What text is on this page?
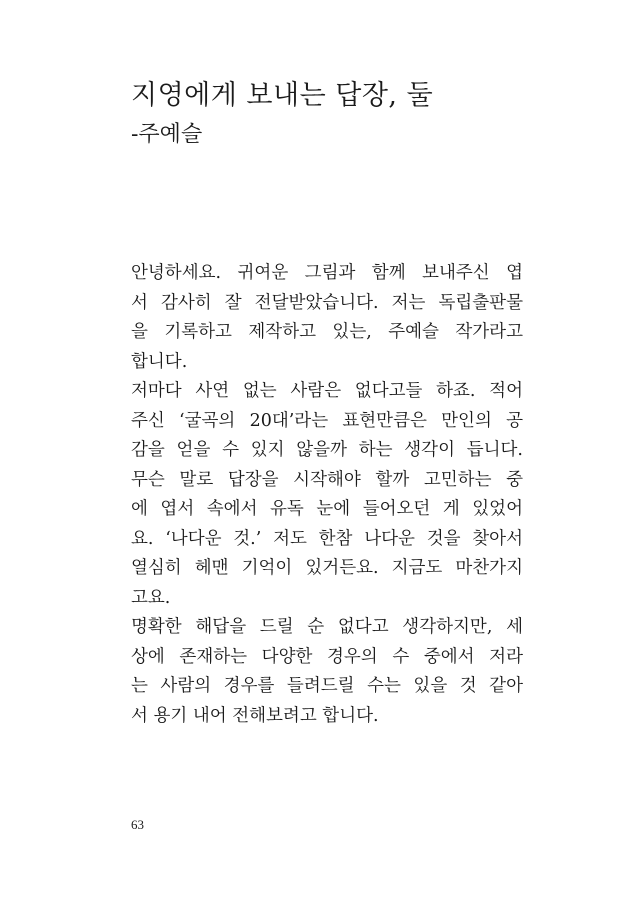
지영에게 보내는 답장, 둘
-주예슬
안녕하세요. 귀여운 그림과 함께 보내주신 엽
서 감사히 잘 전달받았습니다. 저는 독립출판물
을 기록하고 제작하고 있는, 주예슬 작가라고
합니다.
저마다 사연 없는 사람은 없다고들 하죠. 적어
주신 ‘굴곡의 20대’라는 표현만큼은 만인의 공
감을 얻을 수 있지 않을까 하는 생각이 듭니다.
무슨 말로 답장을 시작해야 할까 고민하는 중
에 엽서 속에서 유독 눈에 들어오던 게 있었어
요. ‘나다운 것.’ 저도 한참 나다운 것을 찾아서
열심히 헤맨 기억이 있거든요. 지금도 마찬가지
고요.
명확한 해답을 드릴 순 없다고 생각하지만, 세
상에 존재하는 다양한 경우의 수 중에서 저라
는 사람의 경우를 들려드릴 수는 있을 것 같아
서 용기 내어 전해보려고 합니다.
63
